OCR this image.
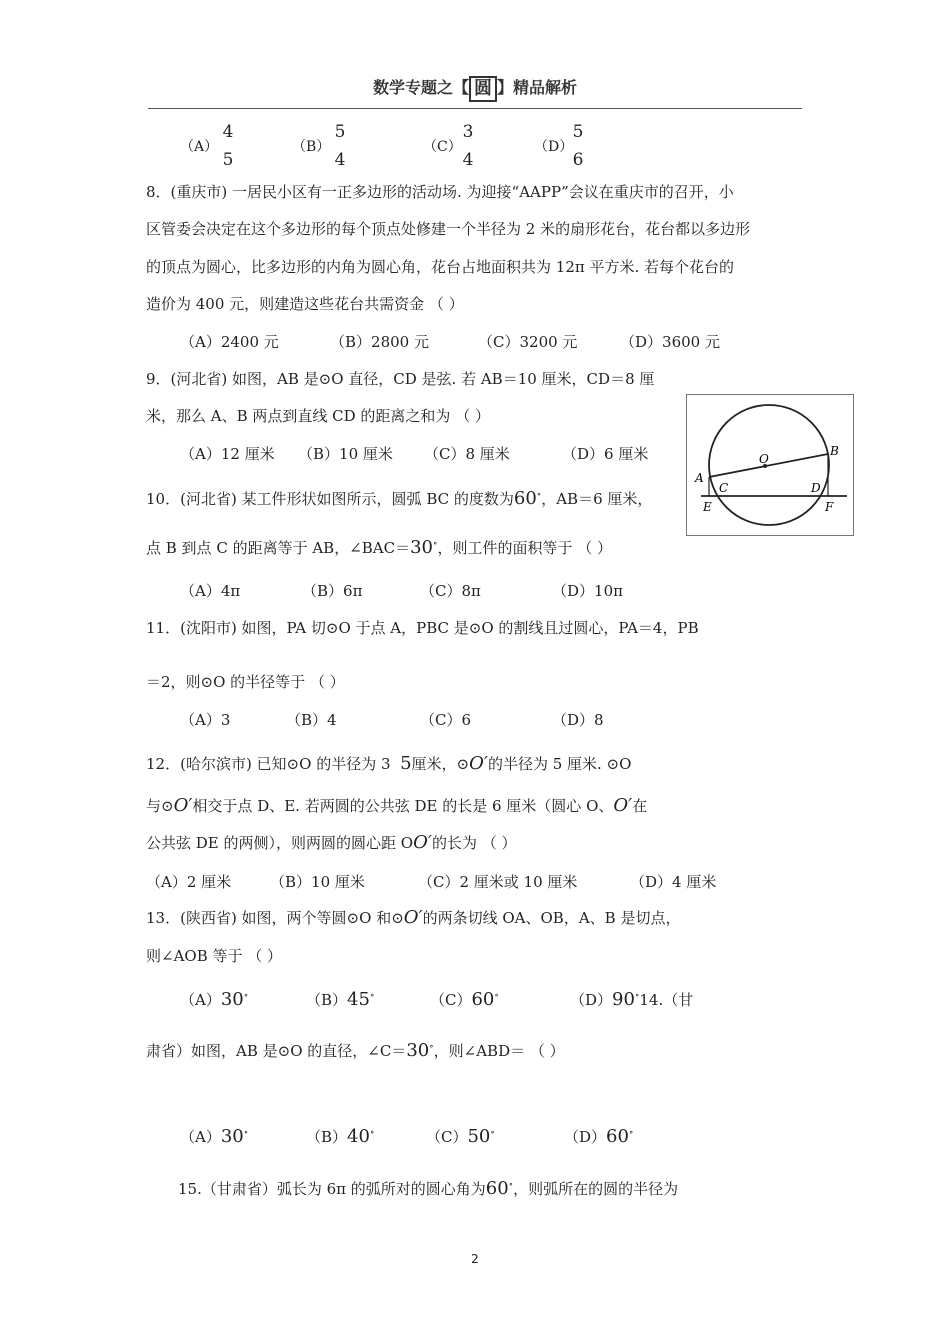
数学专题之【 圆 】精品解析
（A）
4
5
（B）
5
4
（C）
3
4
（D）
5
6
8．(重庆市) 一居民小区有一正多边形的活动场. 为迎接“AAPP”会议在重庆市的召开，小
区管委会决定在这个多边形的每个顶点处修建一个半径为 2 米的扇形花台，花台都以多边形
的顶点为圆心，比多边形的内角为圆心角，花台占地面积共为 12π 平方米. 若每个花台的
造价为 400 元，则建造这些花台共需资金 （ ）
（A）2400 元	（B）2800 元	（C）3200 元	（D）3600 元
9．(河北省) 如图，AB 是⊙O 直径，CD 是弦. 若 AB＝10 厘米，CD＝8 厘
米，那么 A、B 两点到直线 CD 的距离之和为 （ ）
（A）12 厘米 （B）10 厘米 （C）8 厘米	（D）6 厘米
A
B
C	D
E	F
O
10．(河北省) 某工件形状如图所示，圆弧 BC 的度数为60∘，AB＝6 厘米，
点 B 到点 C 的距离等于 AB，∠BAC＝30∘，则工件的面积等于 （ ）
（A）4π	（B）6π	（C）8π	（D）10π
11．(沈阳市) 如图，PA 切⊙O 于点 A，PBC 是⊙O 的割线且过圆心，PA＝4，PB
＝2，则⊙O 的半径等于 （ ）
（A）3	（B）4	（C）6	（D）8
12．(哈尔滨市) 已知⊙O 的半径为 3 5厘米，⊙O′的半径为 5 厘米. ⊙O
与⊙O′相交于点 D、E. 若两圆的公共弦 DE 的长是 6 厘米（圆心 O、O′在
公共弦 DE 的两侧），则两圆的圆心距 OO′的长为 （ ）
（A）2 厘米	（B）10 厘米	（C）2 厘米或 10 厘米	（D）4 厘米
13．(陕西省) 如图，两个等圆⊙O 和⊙O′的两条切线 OA、OB，A、B 是切点，
则∠AOB 等于 （ ）
（A）30∘	（B）45∘	（C）60∘	（D）90∘14.（甘
肃省）如图，AB 是⊙O 的直径，∠C＝30∘，则∠ABD＝ （ ）
（A）30∘	（B）40∘	（C）50∘	（D）60∘
15.（甘肃省）弧长为 6π 的弧所对的圆心角为60∘，则弧所在的圆的半径为
2
